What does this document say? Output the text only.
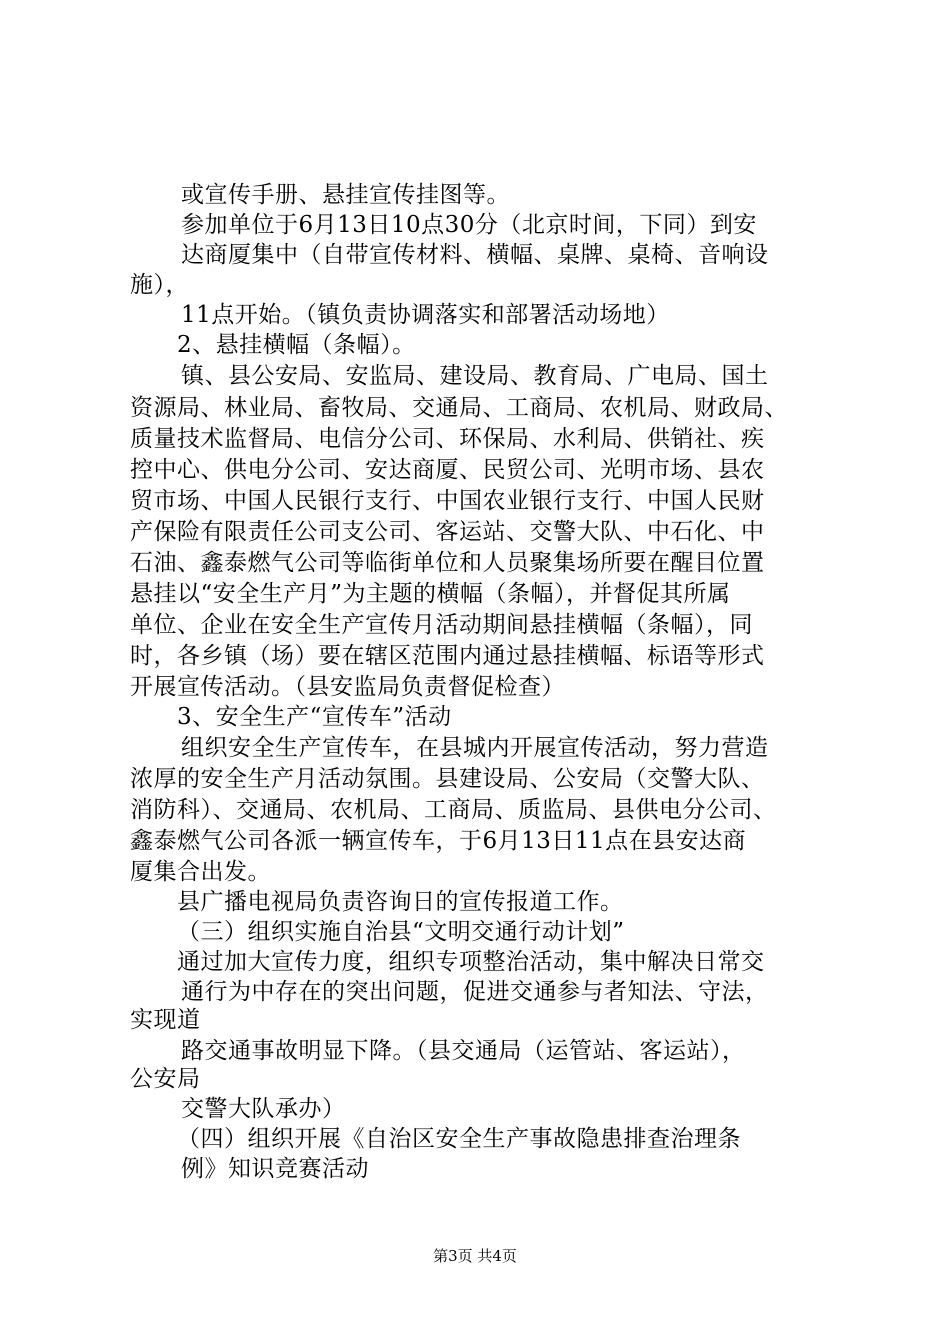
或宣传手册、悬挂宣传挂图等。
参加单位于6月13日10点30分（北京时间，下同）到安
达商厦集中（自带宣传材料、横幅、桌牌、桌椅、音响设
施），
11点开始。（镇负责协调落实和部署活动场地）
2、悬挂横幅（条幅）。
镇、县公安局、安监局、建设局、教育局、广电局、国土
资源局、林业局、畜牧局、交通局、工商局、农机局、财政局、
质量技术监督局、电信分公司、环保局、水利局、供销社、疾
控中心、供电分公司、安达商厦、民贸公司、光明市场、县农
贸市场、中国人民银行支行、中国农业银行支行、中国人民财
产保险有限责任公司支公司、客运站、交警大队、中石化、中
石油、鑫泰燃气公司等临街单位和人员聚集场所要在醒目位置
悬挂以“安全生产月”为主题的横幅（条幅），并督促其所属
单位、企业在安全生产宣传月活动期间悬挂横幅（条幅），同
时，各乡镇（场）要在辖区范围内通过悬挂横幅、标语等形式
开展宣传活动。（县安监局负责督促检查）
3、安全生产“宣传车”活动
组织安全生产宣传车，在县城内开展宣传活动，努力营造
浓厚的安全生产月活动氛围。县建设局、公安局（交警大队、
消防科）、交通局、农机局、工商局、质监局、县供电分公司、
鑫泰燃气公司各派一辆宣传车，于6月13日11点在县安达商
厦集合出发。
县广播电视局负责咨询日的宣传报道工作。
（三）组织实施自治县“文明交通行动计划”
通过加大宣传力度，组织专项整治活动，集中解决日常交
通行为中存在的突出问题，促进交通参与者知法、守法，
实现道
路交通事故明显下降。（县交通局（运管站、客运站），
公安局
交警大队承办）
（四）组织开展《自治区安全生产事故隐患排查治理条
例》知识竞赛活动
第3页 共4页
